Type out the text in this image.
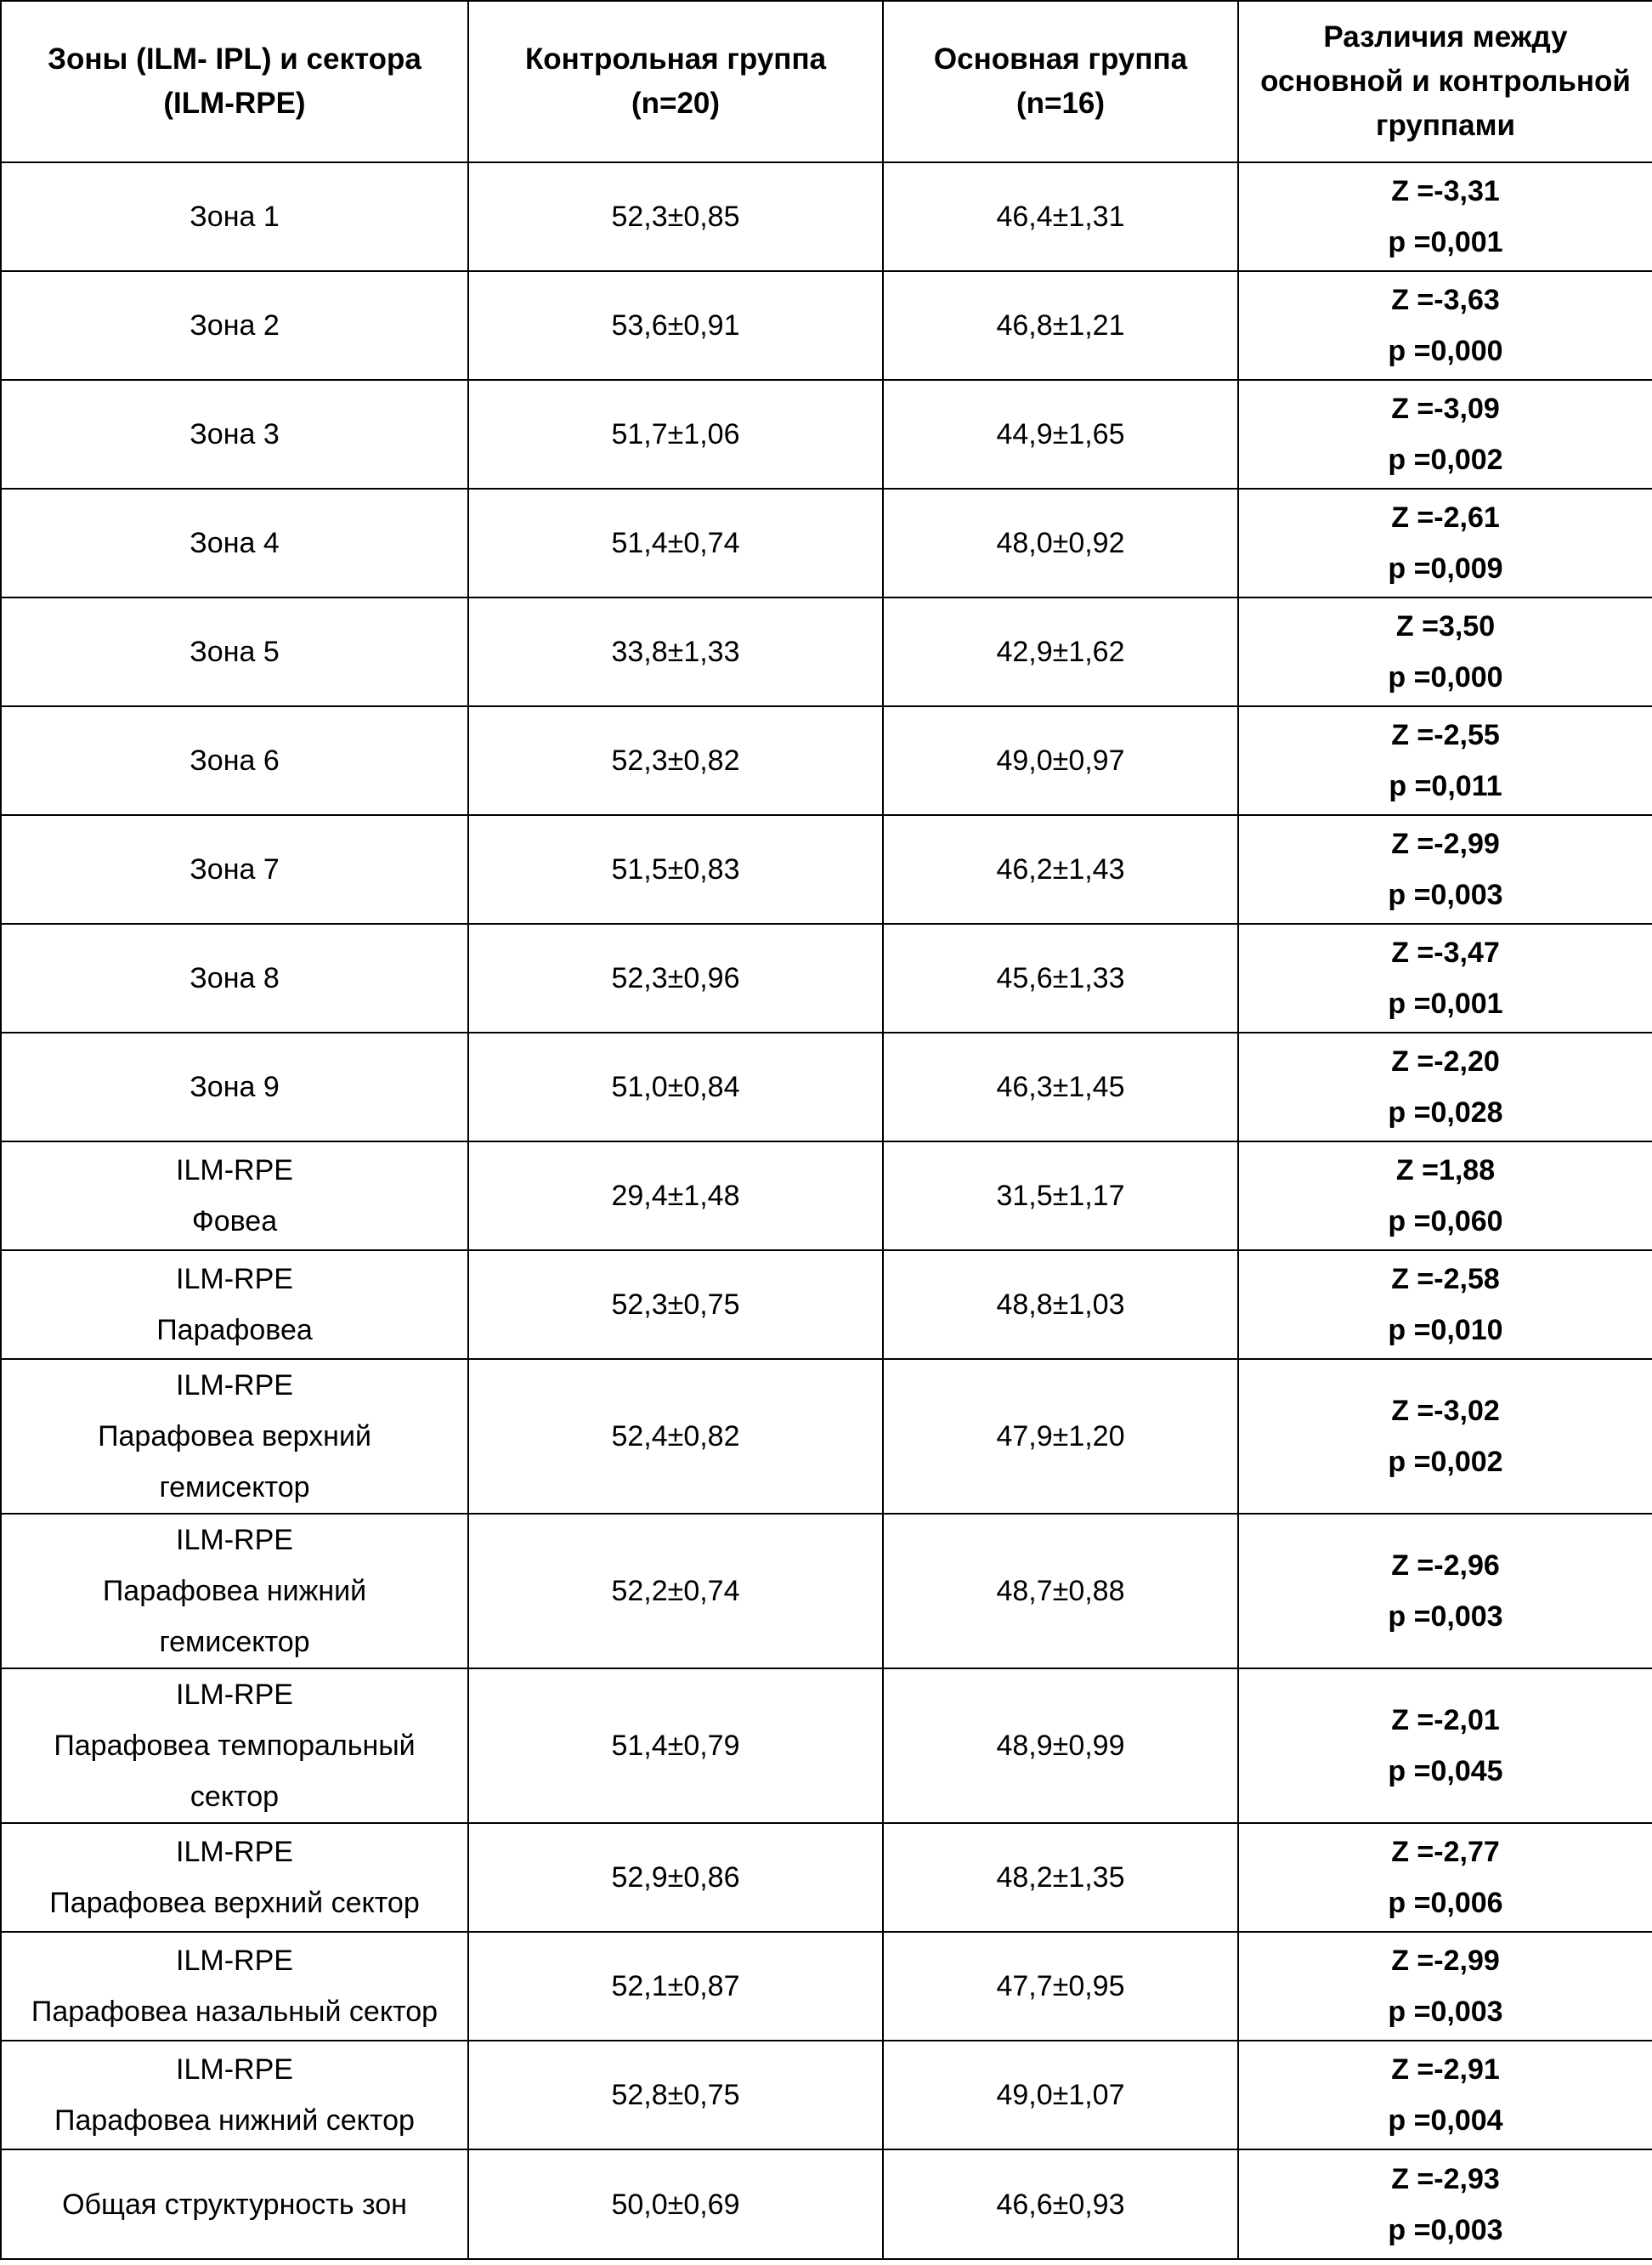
Зоны (ILM- IPL) и сектора
(ILM-RPE)	Контрольная группа
(n=20)	Основная группа
(n=16)	Различия между
основной и контрольной
группами

Зона 1	52,3±0,85	46,4±1,31	Z =-3,31
p =0,001

Зона 2	53,6±0,91	46,8±1,21	Z =-3,63
p =0,000

Зона 3	51,7±1,06	44,9±1,65	Z =-3,09
p =0,002

Зона 4	51,4±0,74	48,0±0,92	Z =-2,61
p =0,009

Зона 5	33,8±1,33	42,9±1,62	Z =3,50
p =0,000

Зона 6	52,3±0,82	49,0±0,97	Z =-2,55
p =0,011

Зона 7	51,5±0,83	46,2±1,43	Z =-2,99
p =0,003

Зона 8	52,3±0,96	45,6±1,33	Z =-3,47
p =0,001

Зона 9	51,0±0,84	46,3±1,45	Z =-2,20
p =0,028

ILM-RPE
Фовеа	29,4±1,48	31,5±1,17	Z =1,88
p =0,060

ILM-RPE
Парафовеа	52,3±0,75	48,8±1,03	Z =-2,58
p =0,010

ILM-RPE
Парафовеа верхний
гемисектор	52,4±0,82	47,9±1,20	Z =-3,02
p =0,002

ILM-RPE
Парафовеа нижний
гемисектор	52,2±0,74	48,7±0,88	Z =-2,96
p =0,003

ILM-RPE
Парафовеа темпоральный
сектор	51,4±0,79	48,9±0,99	Z =-2,01
p =0,045

ILM-RPE
Парафовеа верхний сектор	52,9±0,86	48,2±1,35	Z =-2,77
p =0,006

ILM-RPE
Парафовеа назальный сектор	52,1±0,87	47,7±0,95	Z =-2,99
p =0,003

ILM-RPE
Парафовеа нижний сектор	52,8±0,75	49,0±1,07	Z =-2,91
p =0,004

Общая структурность зон	50,0±0,69	46,6±0,93	Z =-2,93
p =0,003
